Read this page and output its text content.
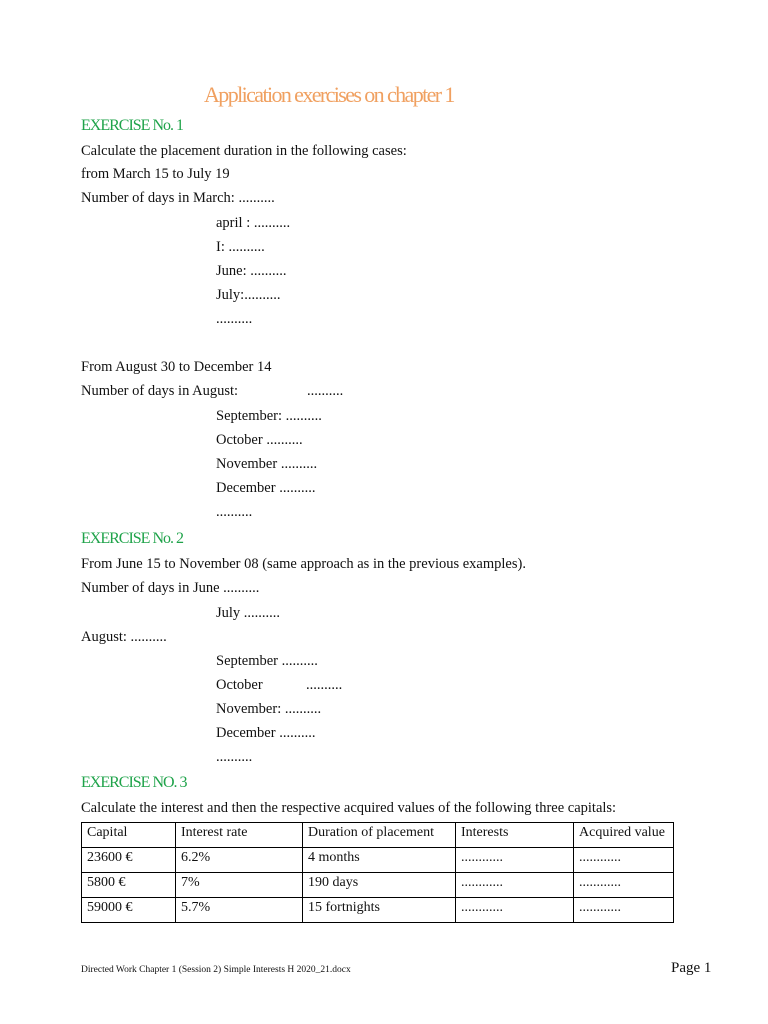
Application exercises on chapter 1
EXERCISE No. 1
Calculate the placement duration in the following cases:
from March 15 to July 19
Number of days in March: ..........
april : ..........
I: ..........
June: ..........
July:..........
..........
From August 30 to December 14
Number of days in August:	..........
September: ..........
October ..........
November ..........
December ..........
..........
EXERCISE No. 2
From June 15 to November 08 (same approach as in the previous examples).
Number of days in June ..........
July ..........
August: ..........
September ..........
October	..........
November: ..........
December ..........
..........
EXERCISE NO. 3
Calculate the interest and then the respective acquired values of the following three capitals:
Capital	Interest rate	Duration of placement	Interests	Acquired value
23600 €	6.2%	4 months	............	............
5800 €	7%	190 days	............	............
59000 €	5.7%	15 fortnights	............	............
Directed Work Chapter 1 (Session 2) Simple Interests H 2020_21.docx	Page 1
